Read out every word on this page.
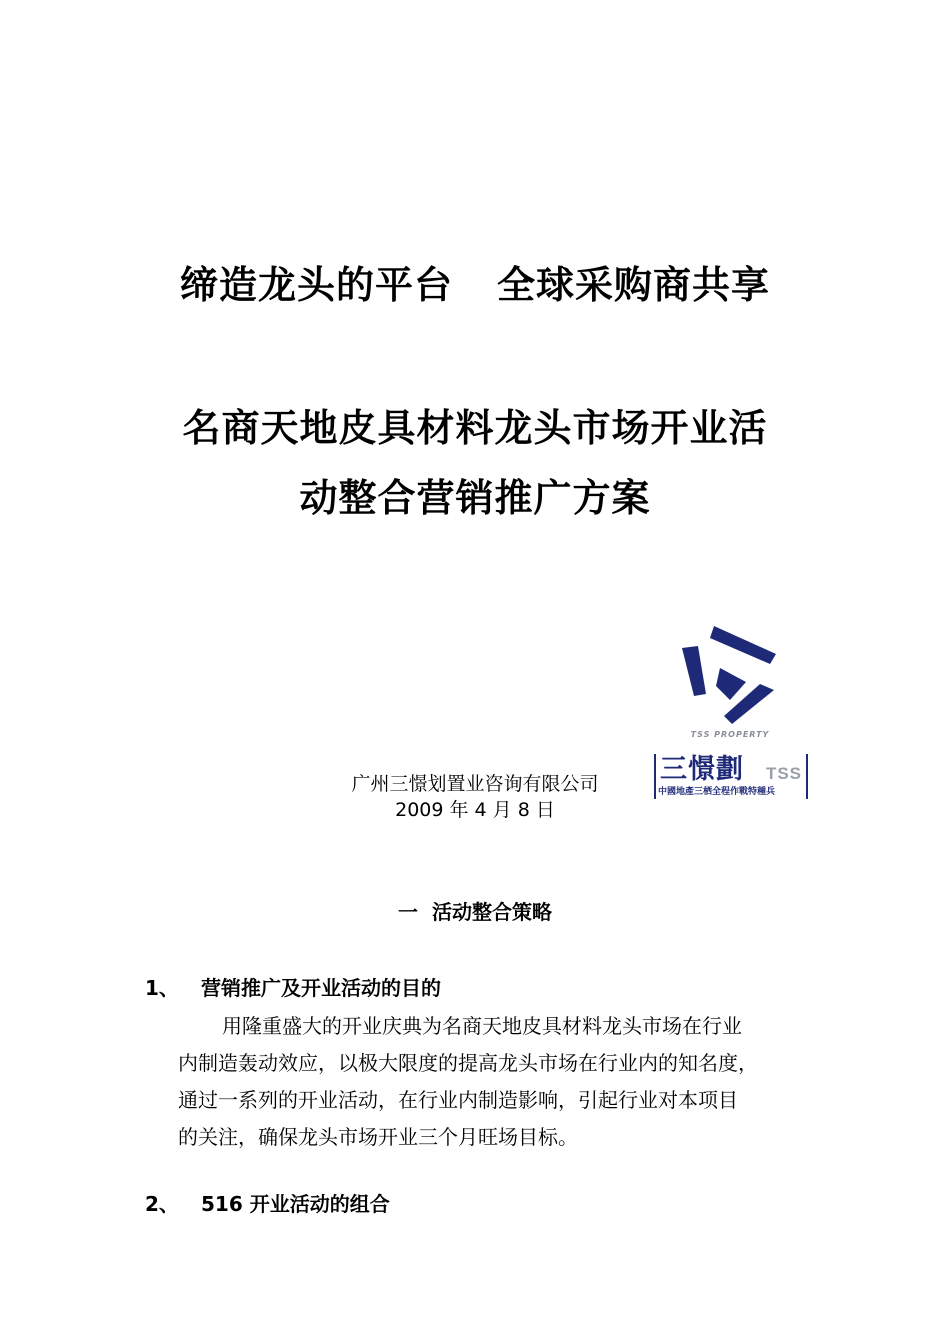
缔造龙头的平台 全球采购商共享
名商天地皮具材料龙头市场开业活
动整合营销推广方案
TSS PROPERTY
三憬劃 TSS
中國地產三栖全程作戰特種兵
广州三憬划置业咨询有限公司
2009 年 4 月 8 日
一 活动整合策略
1、 营销推广及开业活动的目的
用隆重盛大的开业庆典为名商天地皮具材料龙头市场在行业
内制造轰动效应，以极大限度的提高龙头市场在行业内的知名度，
通过一系列的开业活动，在行业内制造影响，引起行业对本项目
的关注，确保龙头市场开业三个月旺场目标。
2、 516 开业活动的组合
